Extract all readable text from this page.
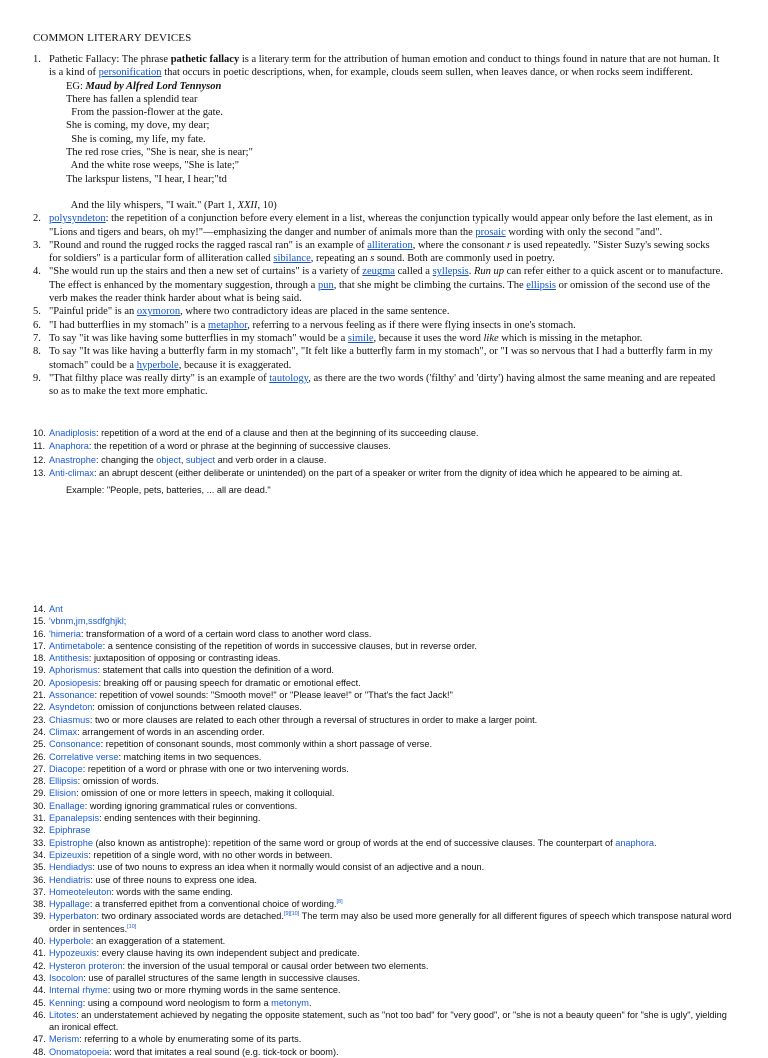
COMMON LITERARY DEVICES
1. Pathetic Fallacy: The phrase pathetic fallacy is a literary term for the attribution of human emotion and conduct to things found in nature that are not human. It is a kind of personification that occurs in poetic descriptions, when, for example, clouds seem sullen, when leaves dance, or when rocks seem indifferent.
EG: Maud by Alfred Lord Tennyson
There has fallen a splendid tear
From the passion-flower at the gate.
She is coming, my dove, my dear;
She is coming, my life, my fate.
The red rose cries, "She is near, she is near;"
And the white rose weeps, "She is late;"
The larkspur listens, "I hear, I hear;"td
And the lily whispers, "I wait." (Part 1, XXII, 10)
2. polysyndeton: the repetition of a conjunction before every element in a list, whereas the conjunction typically would appear only before the last element, as in "Lions and tigers and bears, oh my!"—emphasizing the danger and number of animals more than the prosaic wording with only the second "and".
3. "Round and round the rugged rocks the ragged rascal ran" is an example of alliteration, where the consonant r is used repeatedly. "Sister Suzy's sewing socks for soldiers" is a particular form of alliteration called sibilance, repeating an s sound. Both are commonly used in poetry.
4. "She would run up the stairs and then a new set of curtains" is a variety of zeugma called a syllepsis. Run up can refer either to a quick ascent or to manufacture. The effect is enhanced by the momentary suggestion, through a pun, that she might be climbing the curtains. The ellipsis or omission of the second use of the verb makes the reader think harder about what is being said.
5. "Painful pride" is an oxymoron, where two contradictory ideas are placed in the same sentence.
6. "I had butterflies in my stomach" is a metaphor, referring to a nervous feeling as if there were flying insects in one's stomach.
7. To say "it was like having some butterflies in my stomach" would be a simile, because it uses the word like which is missing in the metaphor.
8. To say "It was like having a butterfly farm in my stomach", "It felt like a butterfly farm in my stomach", or "I was so nervous that I had a butterfly farm in my stomach" could be a hyperbole, because it is exaggerated.
9. "That filthy place was really dirty" is an example of tautology, as there are the two words ('filthy' and 'dirty') having almost the same meaning and are repeated so as to make the text more emphatic.
10. Anadiplosis: repetition of a word at the end of a clause and then at the beginning of its succeeding clause.
11. Anaphora: the repetition of a word or phrase at the beginning of successive clauses.
12. Anastrophe: changing the object, subject and verb order in a clause.
13. Anti-climax: an abrupt descent (either deliberate or unintended) on the part of a speaker or writer from the dignity of idea which he appeared to be aiming at.
Example: "People, pets, batteries, ... all are dead."
14. Ant
15. 'vbnm,jm,ssdfghjkl;
16. 'himeria: transformation of a word of a certain word class to another word class.
17. Antimetabole: a sentence consisting of the repetition of words in successive clauses, but in reverse order.
18. Antithesis: juxtaposition of opposing or contrasting ideas.
19. Aphorismus: statement that calls into question the definition of a word.
20. Aposiopesis: breaking off or pausing speech for dramatic or emotional effect.
21. Assonance: repetition of vowel sounds: "Smooth move!" or "Please leave!" or "That's the fact Jack!"
22. Asyndeton: omission of conjunctions between related clauses.
23. Chiasmus: two or more clauses are related to each other through a reversal of structures in order to make a larger point.
24. Climax: arrangement of words in an ascending order.
25. Consonance: repetition of consonant sounds, most commonly within a short passage of verse.
26. Correlative verse: matching items in two sequences.
27. Diacope: repetition of a word or phrase with one or two intervening words.
28. Ellipsis: omission of words.
29. Elision: omission of one or more letters in speech, making it colloquial.
30. Enallage: wording ignoring grammatical rules or conventions.
31. Epanalepsis: ending sentences with their beginning.
32. Epiphrase
33. Epistrophe (also known as antistrophe): repetition of the same word or group of words at the end of successive clauses. The counterpart of anaphora.
34. Epizeuxis: repetition of a single word, with no other words in between.
35. Hendiadys: use of two nouns to express an idea when it normally would consist of an adjective and a noun.
36. Hendiatris: use of three nouns to express one idea.
37. Homeoteleuton: words with the same ending.
38. Hypallage: a transferred epithet from a conventional choice of wording.[8]
39. Hyperbaton: two ordinary associated words are detached.[9][10] The term may also be used more generally for all different figures of speech which transpose natural word order in sentences.[10]
40. Hyperbole: an exaggeration of a statement.
41. Hypozeuxis: every clause having its own independent subject and predicate.
42. Hysteron proteron: the inversion of the usual temporal or causal order between two elements.
43. Isocolon: use of parallel structures of the same length in successive clauses.
44. Internal rhyme: using two or more rhyming words in the same sentence.
45. Kenning: using a compound word neologism to form a metonym.
46. Litotes: an understatement achieved by negating the opposite statement, such as "not too bad" for "very good", or "she is not a beauty queen" for "she is ugly", yielding an ironical effect.
47. Merism: referring to a whole by enumerating some of its parts.
48. Onomatopoeia: word that imitates a real sound (e.g. tick-tock or boom).
